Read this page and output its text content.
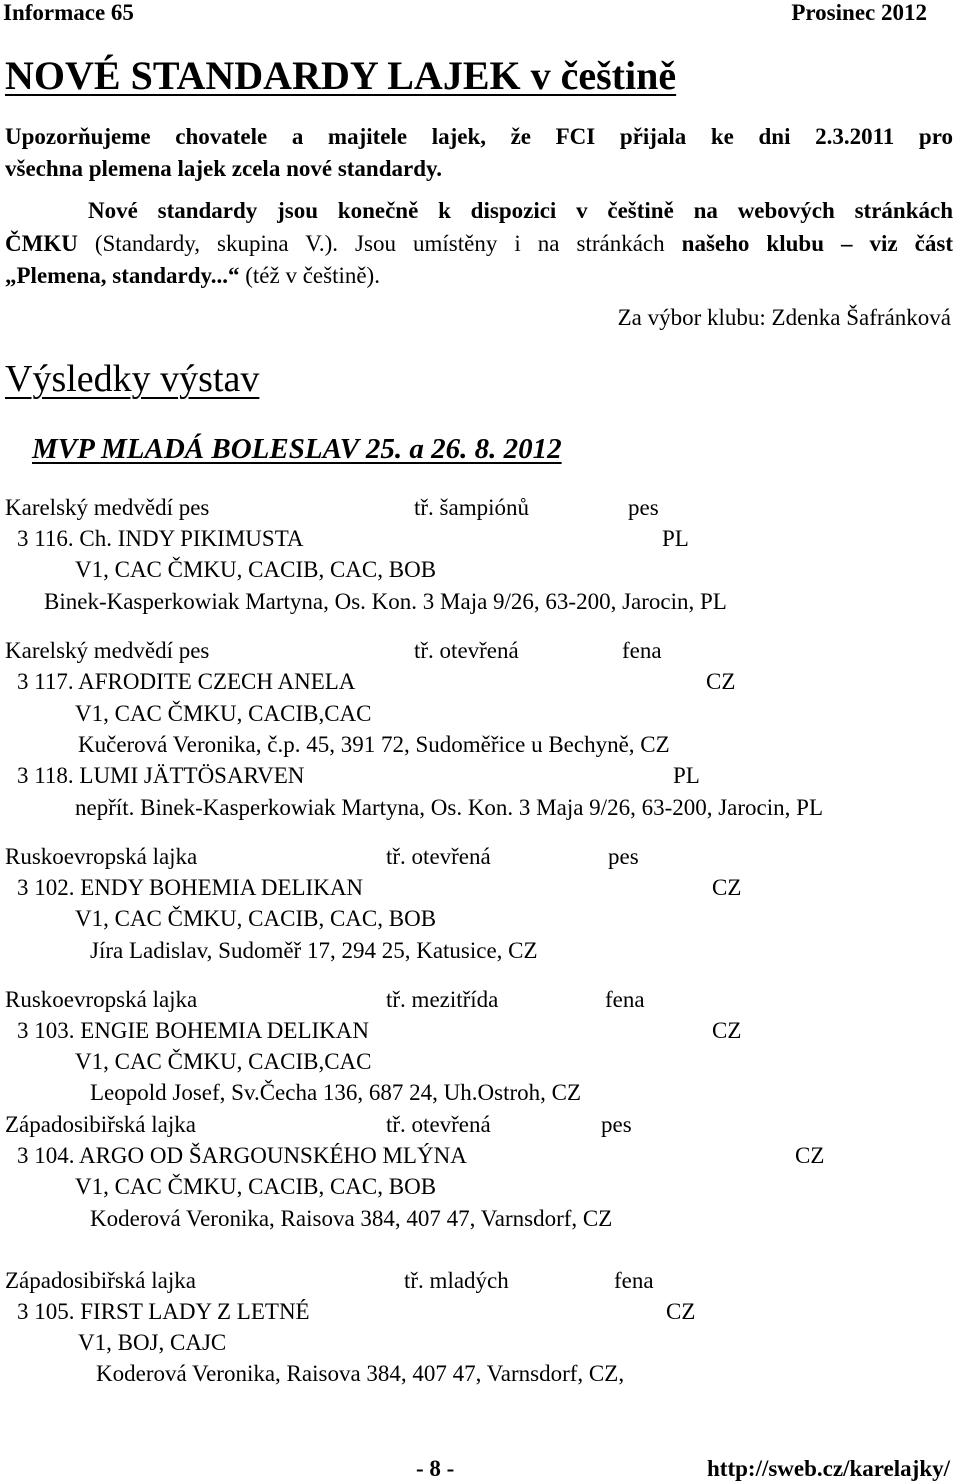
Informace 65	Prosinec 2012
NOVÉ STANDARDY LAJEK v češtině
Upozorňujeme chovatele a majitele lajek, že FCI přijala ke dni 2.3.2011 pro
všechna plemena lajek zcela nové standardy.
Nové standardy jsou konečně k dispozici v češtině na webových stránkách
ČMKU (Standardy, skupina V.). Jsou umístěny i na stránkách našeho klubu – viz část
„Plemena, standardy...“ (též v češtině).
Za výbor klubu: Zdenka Šafránková
Výsledky výstav
MVP MLADÁ BOLESLAV 25. a 26. 8. 2012
Karelský medvědí pes	tř. šampiónů	pes
3 116. Ch. INDY PIKIMUSTA	PL
V1, CAC ČMKU, CACIB, CAC, BOB
Binek-Kasperkowiak Martyna, Os. Kon. 3 Maja 9/26, 63-200, Jarocin, PL
Karelský medvědí pes	tř. otevřená	fena
3 117. AFRODITE CZECH ANELA	CZ
V1, CAC ČMKU, CACIB,CAC
Kučerová Veronika, č.p. 45, 391 72, Sudoměřice u Bechyně, CZ
3 118. LUMI JÄTTÖSARVEN	PL
nepřít. Binek-Kasperkowiak Martyna, Os. Kon. 3 Maja 9/26, 63-200, Jarocin, PL
Ruskoevropská lajka	tř. otevřená	pes
3 102. ENDY BOHEMIA DELIKAN	CZ
V1, CAC ČMKU, CACIB, CAC, BOB
Jíra Ladislav, Sudoměř 17, 294 25, Katusice, CZ
Ruskoevropská lajka	tř. mezitřída	fena
3 103. ENGIE BOHEMIA DELIKAN	CZ
V1, CAC ČMKU, CACIB,CAC
Leopold Josef, Sv.Čecha 136, 687 24, Uh.Ostroh, CZ
Západosibiřská lajka	tř. otevřená	pes
3 104. ARGO OD ŠARGOUNSKÉHO MLÝNA	CZ
V1, CAC ČMKU, CACIB, CAC, BOB
Koderová Veronika, Raisova 384, 407 47, Varnsdorf, CZ
Západosibiřská lajka	tř. mladých	fena
3 105. FIRST LADY Z LETNÉ	CZ
V1, BOJ, CAJC
Koderová Veronika, Raisova 384, 407 47, Varnsdorf, CZ,
- 8 -	http://sweb.cz/karelajky/
